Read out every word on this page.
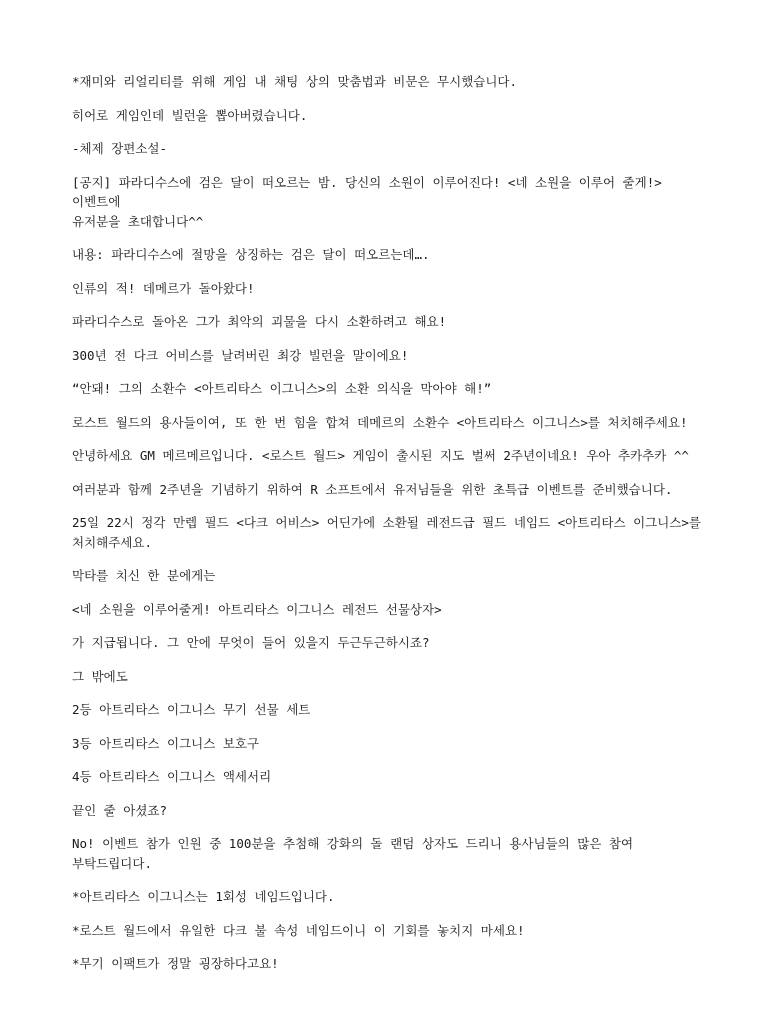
*재미와 리얼리티를 위해 게임 내 채팅 상의 맞춤법과 비문은 무시했습니다.

히어로 게임인데 빌런을 뽑아버렸습니다.

-체제 장편소설-

[공지] 파라디수스에 검은 달이 떠오르는 밤. 당신의 소원이 이루어진다! <네 소원을 이루어 줄게!> 이벤트에
유저분을 초대합니다^^

내용: 파라디수스에 절망을 상징하는 검은 달이 떠오르는데….

인류의 적! 데메르가 돌아왔다!

파라디수스로 돌아온 그가 최악의 괴물을 다시 소환하려고 해요!

300년 전 다크 어비스를 날려버린 최강 빌런을 말이에요!

“안돼! 그의 소환수 <아트리타스 이그니스>의 소환 의식을 막아야 해!”

로스트 월드의 용사들이여, 또 한 번 힘을 합쳐 데메르의 소환수 <아트리타스 이그니스>를 처치해주세요!

안녕하세요 GM 메르메르입니다. <로스트 월드> 게임이 출시된 지도 벌써 2주년이네요! 우아 추카추카 ^^

여러분과 함께 2주년을 기념하기 위하여 R 소프트에서 유저님들을 위한 초특급 이벤트를 준비했습니다.

25일 22시 정각 만렙 필드 <다크 어비스> 어딘가에 소환될 레전드급 필드 네임드 <아트리타스 이그니스>를
처치해주세요.

막타를 치신 한 분에게는

<네 소원을 이루어줄게! 아트리타스 이그니스 레전드 선물상자>

가 지급됩니다. 그 안에 무엇이 들어 있을지 두근두근하시죠?

그 밖에도

2등 아트리타스 이그니스 무기 선물 세트

3등 아트리타스 이그니스 보호구

4등 아트리타스 이그니스 액세서리

끝인 줄 아셨죠?

No! 이벤트 참가 인원 중 100분을 추첨해 강화의 돌 랜덤 상자도 드리니 용사님들의 많은 참여 부탁드립디다.

*아트리타스 이그니스는 1회성 네임드입니다.

*로스트 월드에서 유일한 다크 불 속성 네임드이니 이 기회를 놓치지 마세요!

*무기 이팩트가 정말 굉장하다고요!
